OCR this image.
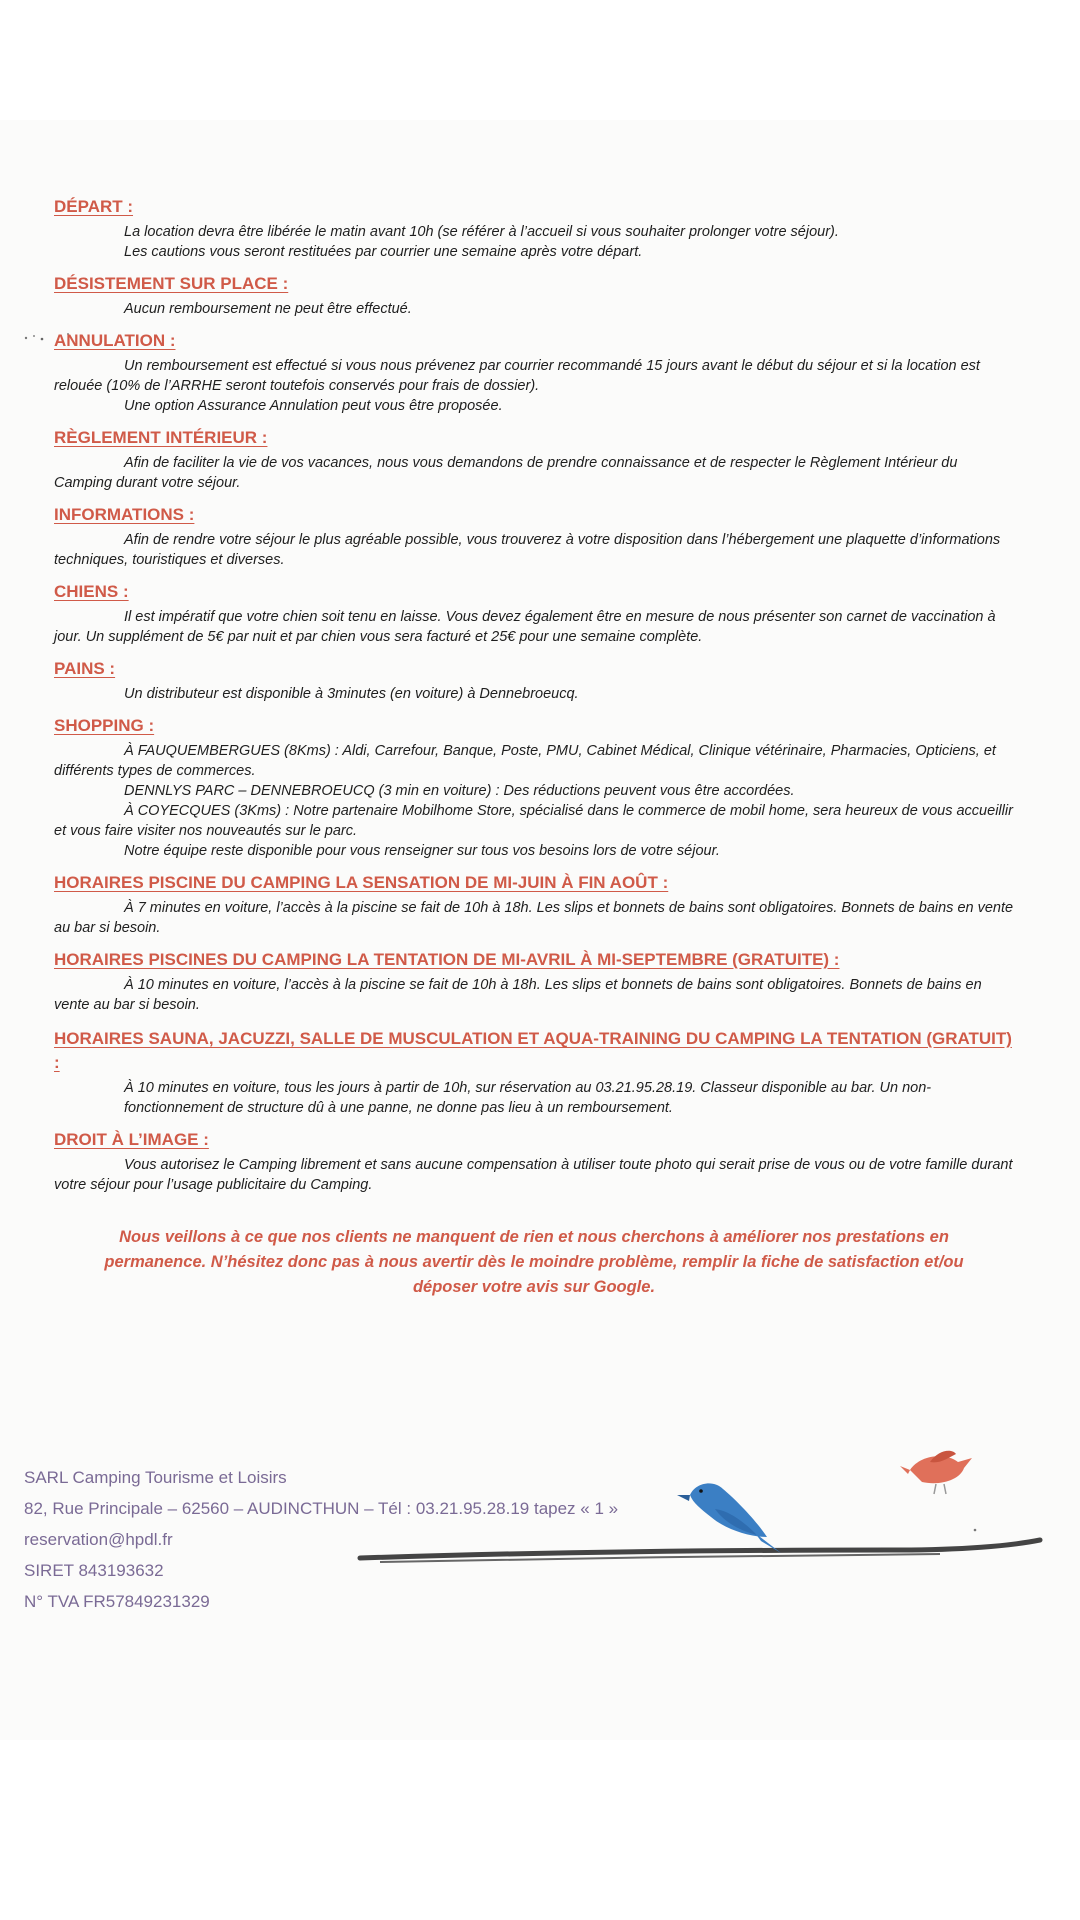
DÉPART :
La location devra être libérée le matin avant 10h (se référer à l’accueil si vous souhaiter prolonger votre séjour).
Les cautions vous seront restituées par courrier une semaine après votre départ.
DÉSISTEMENT SUR PLACE :
Aucun remboursement ne peut être effectué.
ANNULATION :
Un remboursement est effectué si vous nous prévenez par courrier recommandé 15 jours avant le début du séjour et si la location est relouée (10% de l’ARRHE seront toutefois conservés pour frais de dossier).
Une option Assurance Annulation peut vous être proposée.
RÈGLEMENT INTÉRIEUR :
Afin de faciliter la vie de vos vacances, nous vous demandons de prendre connaissance et de respecter le Règlement Intérieur du Camping durant votre séjour.
INFORMATIONS :
Afin de rendre votre séjour le plus agréable possible, vous trouverez à votre disposition dans l’hébergement une plaquette d’informations techniques, touristiques et diverses.
CHIENS :
Il est impératif que votre chien soit tenu en laisse. Vous devez également être en mesure de nous présenter son carnet de vaccination à jour. Un supplément de 5€ par nuit et par chien vous sera facturé et 25€ pour une semaine complète.
PAINS :
Un distributeur est disponible à 3minutes (en voiture) à Dennebroeucq.
SHOPPING :
À FAUQUEMBERGUES (8Kms) : Aldi, Carrefour, Banque, Poste, PMU, Cabinet Médical, Clinique vétérinaire, Pharmacies, Opticiens, et différents types de commerces.
DENNLYS PARC – DENNEBROEUCQ (3 min en voiture) : Des réductions peuvent vous être accordées.
À COYECQUES (3Kms) : Notre partenaire Mobilhome Store, spécialisé dans le commerce de mobil home, sera heureux de vous accueillir et vous faire visiter nos nouveautés sur le parc.
Notre équipe reste disponible pour vous renseigner sur tous vos besoins lors de votre séjour.
HORAIRES PISCINE DU CAMPING LA SENSATION DE MI-JUIN À FIN AOÛT :
À 7 minutes en voiture, l’accès à la piscine se fait de 10h à 18h. Les slips et bonnets de bains sont obligatoires. Bonnets de bains en vente au bar si besoin.
HORAIRES PISCINES DU CAMPING LA TENTATION DE MI-AVRIL À MI-SEPTEMBRE (GRATUITE) :
À 10 minutes en voiture, l’accès à la piscine se fait de 10h à 18h. Les slips et bonnets de bains sont obligatoires. Bonnets de bains en vente au bar si besoin.
HORAIRES SAUNA, JACUZZI, SALLE DE MUSCULATION ET AQUA-TRAINING DU CAMPING LA TENTATION (GRATUIT) :
À 10 minutes en voiture, tous les jours à partir de 10h, sur réservation au 03.21.95.28.19. Classeur disponible au bar. Un non-fonctionnement de structure dû à une panne, ne donne pas lieu à un remboursement.
DROIT À L’IMAGE :
Vous autorisez le Camping librement et sans aucune compensation à utiliser toute photo qui serait prise de vous ou de votre famille durant votre séjour pour l’usage publicitaire du Camping.
Nous veillons à ce que nos clients ne manquent de rien et nous cherchons à améliorer nos prestations en permanence. N’hésitez donc pas à nous avertir dès le moindre problème, remplir la fiche de satisfaction et/ou déposer votre avis sur Google.
SARL Camping Tourisme et Loisirs
82, Rue Principale – 62560 – AUDINCTHUN – Tél : 03.21.95.28.19 tapez « 1 »
reservation@hpdl.fr
SIRET 843193632
N° TVA FR57849231329
